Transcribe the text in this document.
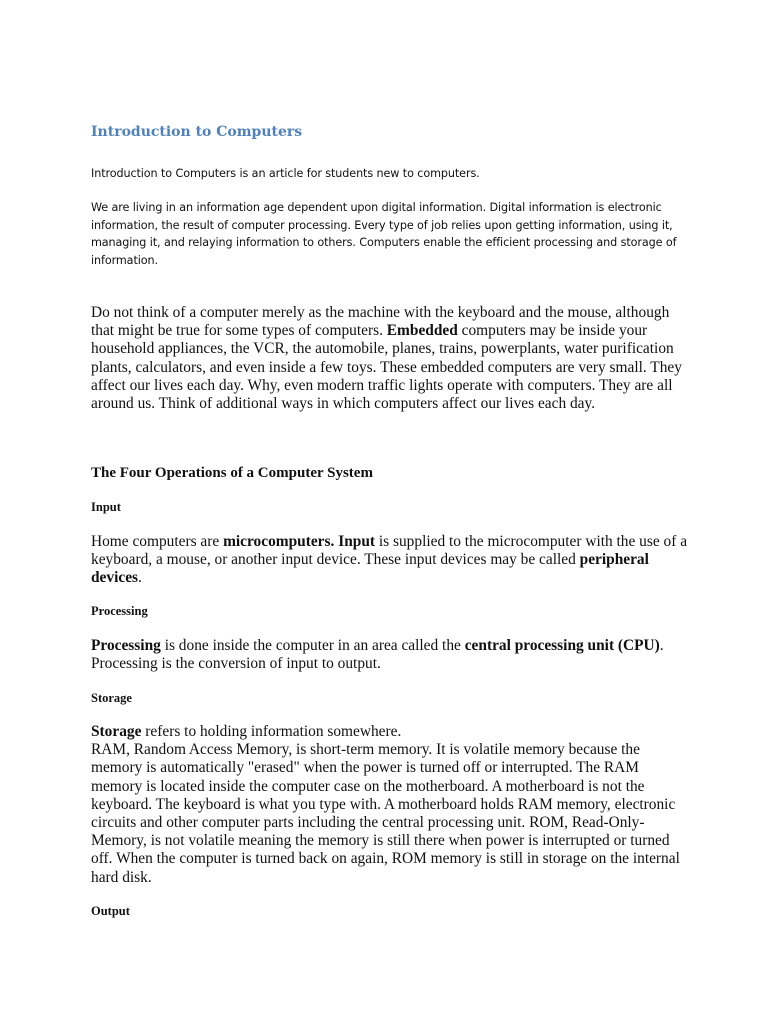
Introduction to Computers

Introduction to Computers is an article for students new to computers.

We are living in an information age dependent upon digital information. Digital information is electronic information, the result of computer processing. Every type of job relies upon getting information, using it, managing it, and relaying information to others. Computers enable the efficient processing and storage of information.

Do not think of a computer merely as the machine with the keyboard and the mouse, although that might be true for some types of computers. Embedded computers may be inside your household appliances, the VCR, the automobile, planes, trains, powerplants, water purification plants, calculators, and even inside a few toys. These embedded computers are very small. They affect our lives each day. Why, even modern traffic lights operate with computers. They are all around us. Think of additional ways in which computers affect our lives each day.

The Four Operations of a Computer System
Input

Home computers are microcomputers. Input is supplied to the microcomputer with the use of a keyboard, a mouse, or another input device. These input devices may be called peripheral devices.

Processing

Processing is done inside the computer in an area called the central processing unit (CPU). Processing is the conversion of input to output.

Storage

Storage refers to holding information somewhere.
RAM, Random Access Memory, is short-term memory. It is volatile memory because the memory is automatically "erased" when the power is turned off or interrupted. The RAM memory is located inside the computer case on the motherboard. A motherboard is not the keyboard. The keyboard is what you type with. A motherboard holds RAM memory, electronic circuits and other computer parts including the central processing unit. ROM, Read-Only-Memory, is not volatile meaning the memory is still there when power is interrupted or turned off. When the computer is turned back on again, ROM memory is still in storage on the internal hard disk.

Output
